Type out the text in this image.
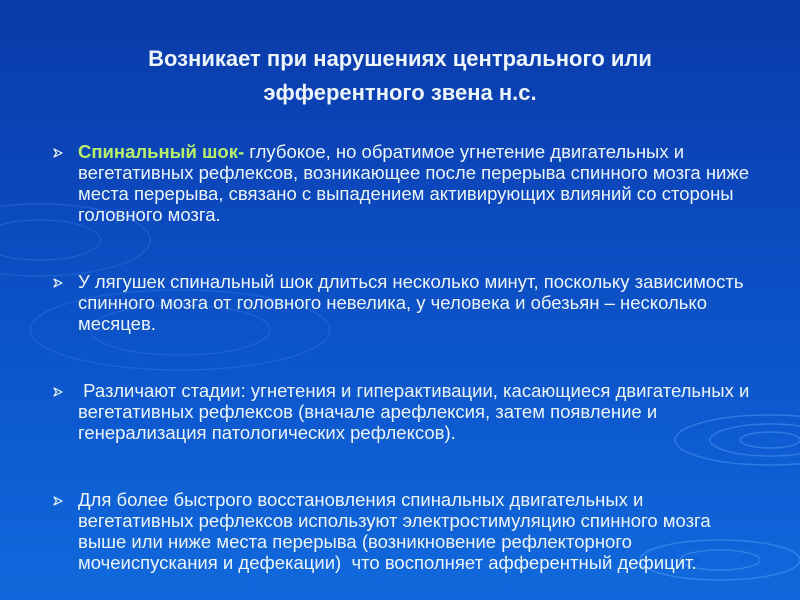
Возникает при нарушениях центрального или
эфферентного звена н.с.
Спинальный шок- глубокое, но обратимое угнетение двигательных и вегетативных рефлексов, возникающее после перерыва спинного мозга ниже места перерыва, связано с выпадением активирующих влияний со стороны головного мозга.
У лягушек спинальный шок длиться несколько минут, поскольку зависимость спинного мозга от головного невелика, у человека и обезьян – несколько месяцев.
Различают стадии: угнетения и гиперактивации, касающиеся двигательных и вегетативных рефлексов (вначале арефлексия, затем появление и генерализация патологических рефлексов).
Для более быстрого восстановления спинальных двигательных и вегетативных рефлексов используют электростимуляцию спинного мозга выше или ниже места перерыва (возникновение рефлекторного мочеиспускания и дефекации)  что восполняет афферентный дефицит.
